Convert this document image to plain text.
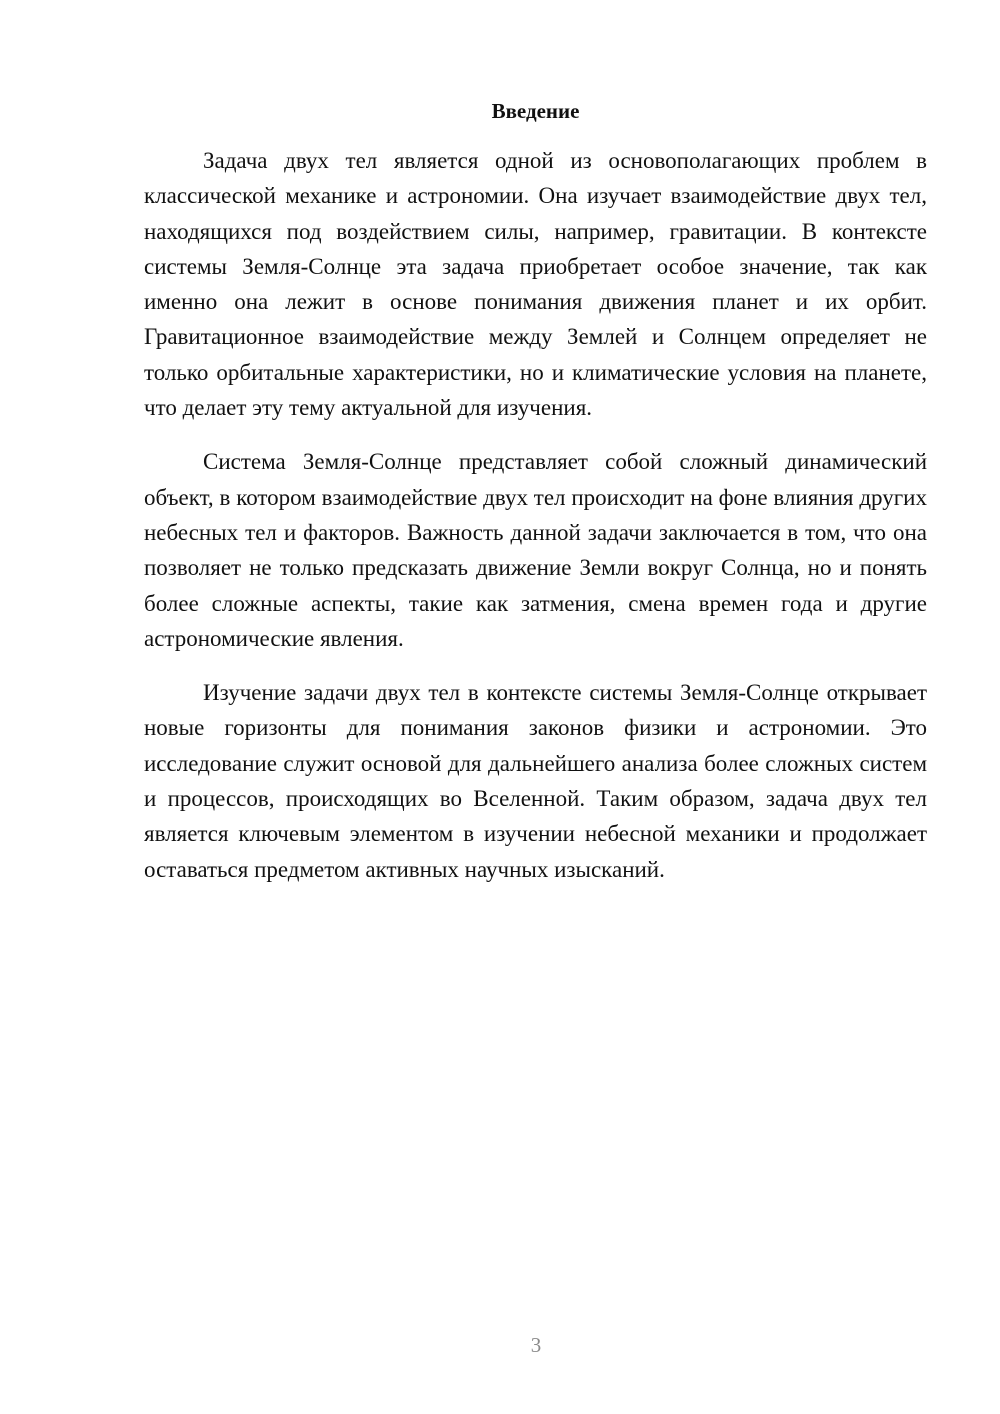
Введение

Задача двух тел является одной из основополагающих проблем в классической механике и астрономии. Она изучает взаимодействие двух тел, находящихся под воздействием силы, например, гравитации. В контексте системы Земля-Солнце эта задача приобретает особое значение, так как именно она лежит в основе понимания движения планет и их орбит. Гравитационное взаимодействие между Землей и Солнцем определяет не только орбитальные характеристики, но и климатические условия на планете, что делает эту тему актуальной для изучения.

Система Земля-Солнце представляет собой сложный динамический объект, в котором взаимодействие двух тел происходит на фоне влияния других небесных тел и факторов. Важность данной задачи заключается в том, что она позволяет не только предсказать движение Земли вокруг Солнца, но и понять более сложные аспекты, такие как затмения, смена времен года и другие астрономические явления.

Изучение задачи двух тел в контексте системы Земля-Солнце открывает новые горизонты для понимания законов физики и астрономии. Это исследование служит основой для дальнейшего анализа более сложных систем и процессов, происходящих во Вселенной. Таким образом, задача двух тел является ключевым элементом в изучении небесной механики и продолжает оставаться предметом активных научных изысканий.

3
